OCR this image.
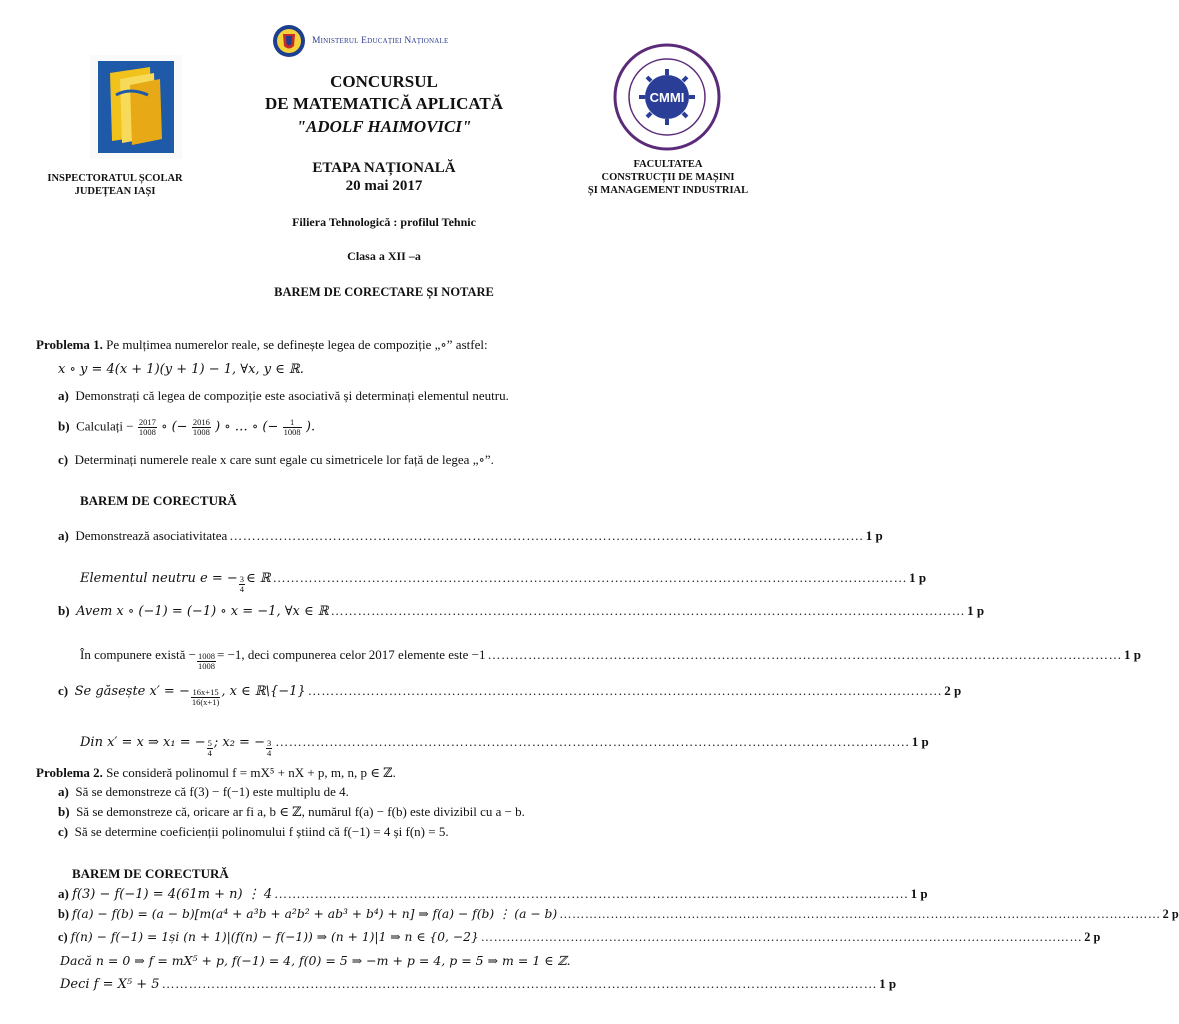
Ministerul Educației Naționale
INSPECTORATUL ȘCOLAR
JUDEȚEAN IAȘI
CMMI
FACULTATEA
CONSTRUCȚII DE MAȘINI
ȘI MANAGEMENT INDUSTRIAL
CONCURSUL
DE MATEMATICĂ APLICATĂ
"ADOLF HAIMOVICI"
ETAPA NAȚIONALĂ
20 mai 2017
Filiera Tehnologică : profilul Tehnic
Clasa a XII –a
BAREM DE CORECTARE ȘI NOTARE
Problema 1. Pe mulțimea numerelor reale, se definește legea de compoziție „∘” astfel:
x ∘ y = 4(x + 1)(y + 1) − 1, ∀x, y ∈ ℝ.
a) Demonstrați că legea de compoziție este asociativă și determinați elementul neutru.
b) Calculați − $\frac{2017}{1008}$ ∘ (− $\frac{2016}{1008}$ ) ∘ … ∘ (− $\frac{1}{1008}$ ).
c) Determinați numerele reale x care sunt egale cu simetricele lor față de legea „∘”.
BAREM DE CORECTURĂ
a)
Demonstrează asociativitatea …………………………………………………………………………………………………………………………… 1 p
Elementul neutru e = − $\frac{3}{4}$ ∈ ℝ …………………………………………………………………………………………………………………………… 1 p
b)
Avem x ∘ (−1) = (−1) ∘ x = −1, ∀x ∈ ℝ …………………………………………………………………………………………………………………………… 1 p
În compunere există − $\frac{1008}{1008} = -1$, deci compunerea celor 2017 elemente este −1 …………………………………………………………………………………………………………………………… 1 p
c)
Se găsește x′ = − $\frac{16x+15}{16(x+1)}$ , x ∈ ℝ\{−1} …………………………………………………………………………………………………………………………… 2 p
Din x′ = x ⇒ x₁ = − $\frac{5}{4}$ ; x₂ = − $\frac{3}{4}$ …………………………………………………………………………………………………………………………… 1 p
Problema 2. Se consideră polinomul f = mX⁵ + nX + p, m, n, p ∈ ℤ.
a) Să se demonstreze că f(3) − f(−1) este multiplu de 4.
b) Să se demonstreze că, oricare ar fi a, b ∈ ℤ, numărul f(a) − f(b) este divizibil cu a − b.
c) Să se determine coeficienții polinomului f știind că f(−1) = 4 și f(n) = 5.
BAREM DE CORECTURĂ
a)
f(3) − f(−1) = 4(61m + n) ⋮ 4 …………………………………………………………………………………………………………………………… 1 p
b)
f(a) − f(b) = (a − b)[m(a⁴ + a³b + a²b² + ab³ + b⁴) + n] ⇒ f(a) − f(b) ⋮ (a − b) …………………………………………………………………………………………………………………………… 2 p
c)
f(n) − f(−1) = 1și (n + 1)|(f(n) − f(−1)) ⇒ (n + 1)|1 ⇒ n ∈ {0, −2} …………………………………………………………………………………………………………………………… 2 p
Dacă n = 0 ⇒ f = mX⁵ + p, f(−1) = 4, f(0) = 5 ⇒ −m + p = 4, p = 5 ⇒ m = 1 ∈ ℤ.
Deci f = X⁵ + 5 …………………………………………………………………………………………………………………………………………… 1 p
